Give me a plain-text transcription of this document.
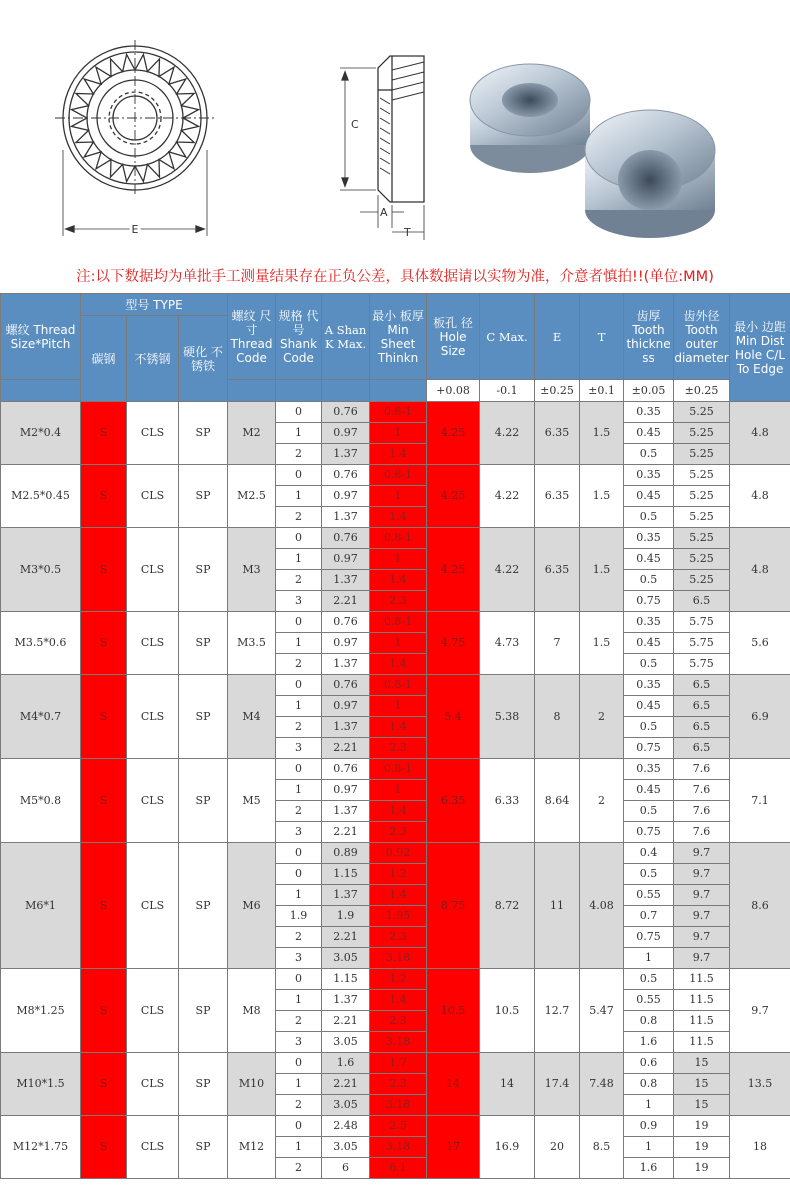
E
C
A
T
注:以下数据均为单批手工测量结果存在正负公差，具体数据请以实物为准，介意者慎拍!!(单位:MM)
螺纹 Thread Size*Pitch	型号 TYPE			螺纹 尺寸 Thread Code	规格 代号 Shank Code	A Shan K Max.	最小 板厚 Min Sheet Thinkn	板孔 径 Hole Size	C Max.	E	T	齿厚 Tooth thickne ss	齿外径 Tooth outer diameter	最小 边距 Min Dist Hole C/L To Edge
	碳钢	不锈钢	硬化 不锈铁											
								+0.08	-0.1	±0.25	±0.1	±0.05	±0.25	
M2*0.4	S	CLS	SP	M2	0	0.76	0.8-1	4.25	4.22	6.35	1.5	0.35	5.25	4.8
					1	0.97	1					0.45	5.25	
					2	1.37	1.4					0.5	5.25	
M2.5*0.45	S	CLS	SP	M2.5	0	0.76	0.8-1	4.25	4.22	6.35	1.5	0.35	5.25	4.8
					1	0.97	1					0.45	5.25	
					2	1.37	1.4					0.5	5.25	
M3*0.5	S	CLS	SP	M3	0	0.76	0.8-1	4.25	4.22	6.35	1.5	0.35	5.25	4.8
					1	0.97	1					0.45	5.25	
					2	1.37	1.4					0.5	5.25	
					3	2.21	2.3					0.75	6.5	
M3.5*0.6	S	CLS	SP	M3.5	0	0.76	0.8-1	4.75	4.73	7	1.5	0.35	5.75	5.6
					1	0.97	1					0.45	5.75	
					2	1.37	1.4					0.5	5.75	
M4*0.7	S	CLS	SP	M4	0	0.76	0.8-1	5.4	5.38	8	2	0.35	6.5	6.9
					1	0.97	1					0.45	6.5	
					2	1.37	1.4					0.5	6.5	
					3	2.21	2.3					0.75	6.5	
M5*0.8	S	CLS	SP	M5	0	0.76	0.8-1	6.35	6.33	8.64	2	0.35	7.6	7.1
					1	0.97	1					0.45	7.6	
					2	1.37	1.4					0.5	7.6	
					3	2.21	2.3					0.75	7.6	
M6*1	S	CLS	SP	M6	0	0.89	0.92	8.75	8.72	11	4.08	0.4	9.7	8.6
					0	1.15	1.2					0.5	9.7	
					1	1.37	1.4					0.55	9.7	
					1.9	1.9	1.95					0.7	9.7	
					2	2.21	2.3					0.75	9.7	
					3	3.05	3.18					1	9.7	
M8*1.25	S	CLS	SP	M8	0	1.15	1.2	10.5	10.5	12.7	5.47	0.5	11.5	9.7
					1	1.37	1.4					0.55	11.5	
					2	2.21	2.3					0.8	11.5	
					3	3.05	3.18					1.6	11.5	
M10*1.5	S	CLS	SP	M10	0	1.6	1.7	14	14	17.4	7.48	0.6	15	13.5
					1	2.21	2.3					0.8	15	
					2	3.05	3.18					1	15	
M12*1.75	S	CLS	SP	M12	0	2.48	2.5	17	16.9	20	8.5	0.9	19	18
					1	3.05	3.18					1	19	
					2	6	6.1					1.6	19	
